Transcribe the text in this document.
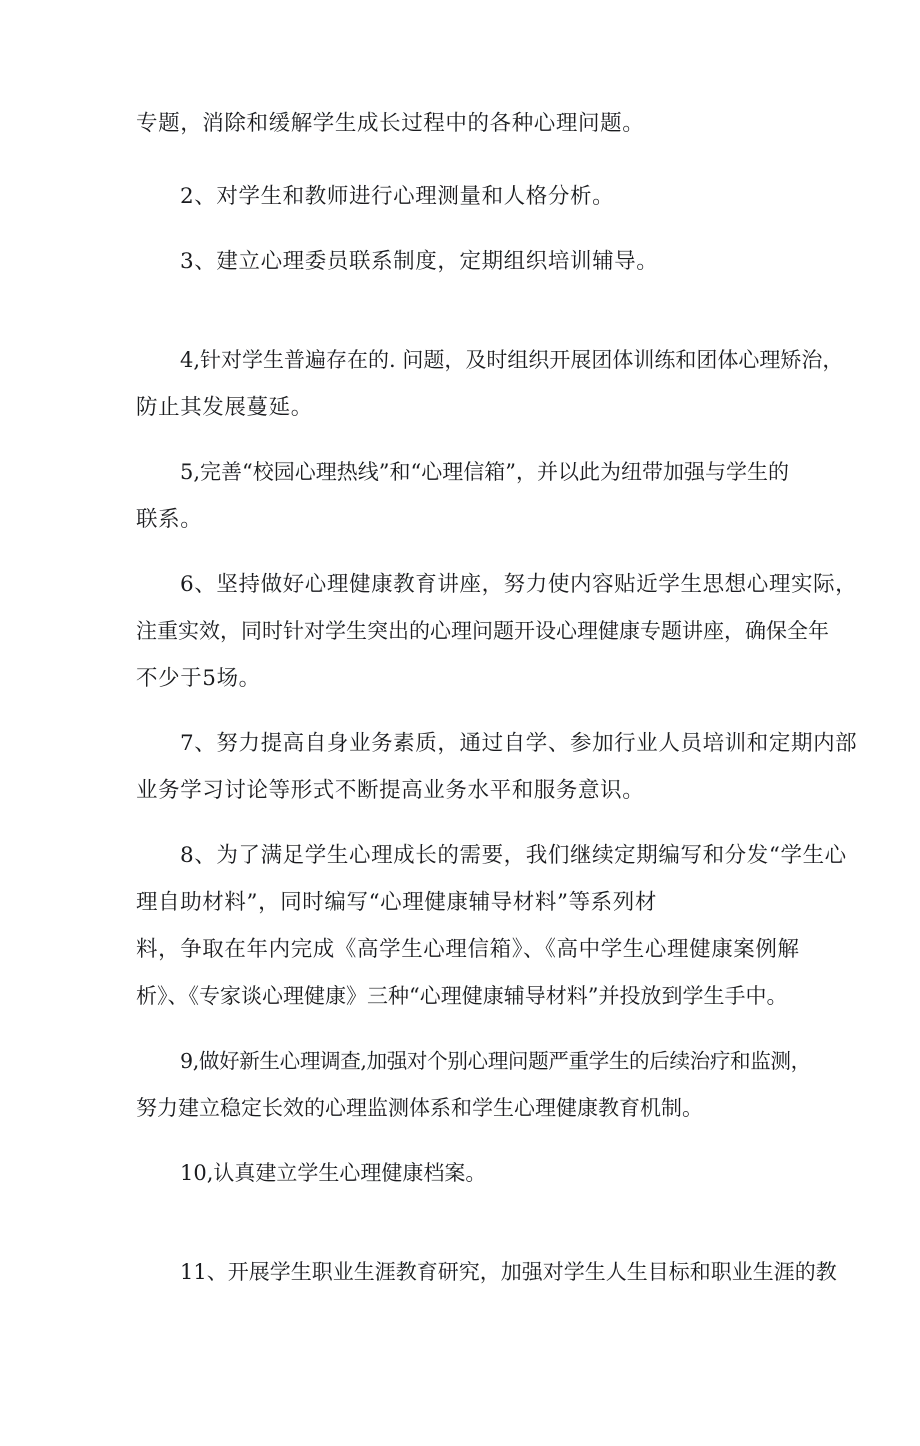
专题，消除和缓解学生成长过程中的各种心理问题。

2、对学生和教师进行心理测量和人格分析。

3、建立心理委员联系制度，定期组织培训辅导。

4,针对学生普遍存在的. 问题，及时组织开展团体训练和团体心理矫治，
防止其发展蔓延。

5,完善“校园心理热线”和“心理信箱”，并以此为纽带加强与学生的
联系。

6、坚持做好心理健康教育讲座，努力使内容贴近学生思想心理实际，
注重实效，同时针对学生突出的心理问题开设心理健康专题讲座，确保全年
不少于5场。

7、努力提高自身业务素质，通过自学、参加行业人员培训和定期内部
业务学习讨论等形式不断提高业务水平和服务意识。

8、为了满足学生心理成长的需要，我们继续定期编写和分发“学生心
理自助材料”，同时编写“心理健康辅导材料”等系列材
料，争取在年内完成《高学生心理信箱》、《高中学生心理健康案例解
析》、《专家谈心理健康》三种“心理健康辅导材料”并投放到学生手中。

9,做好新生心理调查,加强对个别心理问题严重学生的后续治疗和监测，
努力建立稳定长效的心理监测体系和学生心理健康教育机制。

10,认真建立学生心理健康档案。

11、开展学生职业生涯教育研究，加强对学生人生目标和职业生涯的教
